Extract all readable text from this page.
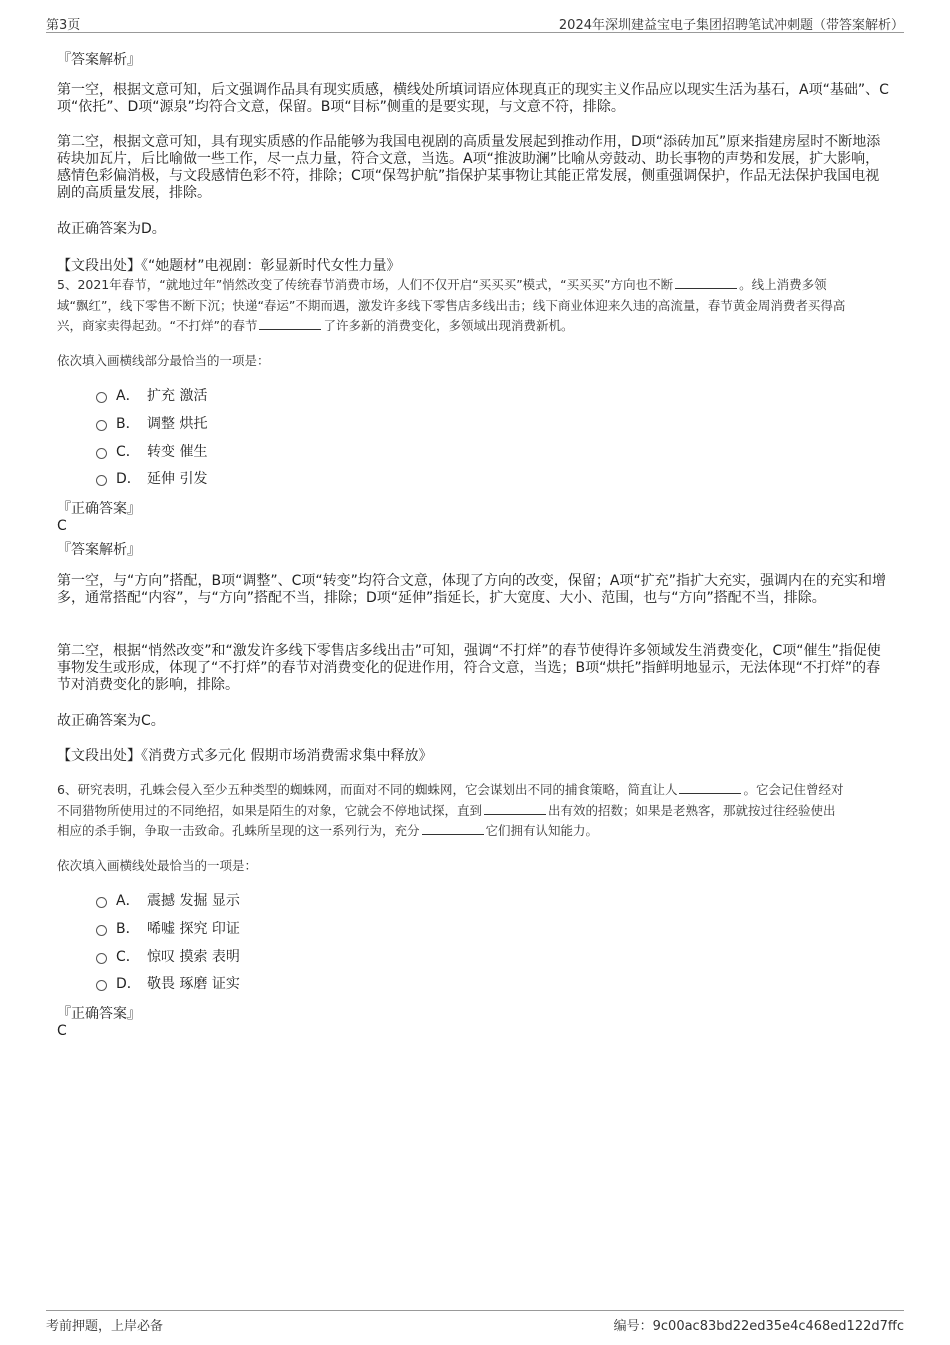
第3页	2024年深圳建益宝电子集团招聘笔试冲刺题（带答案解析）
『答案解析』

第一空，根据文意可知，后文强调作品具有现实质感，横线处所填词语应体现真正的现实主义作品应以现实生活为基石，A项“基础”、C项“依托”、D项“源泉”均符合文意，保留。B项“目标”侧重的是要实现，与文意不符，排除。

第二空，根据文意可知，具有现实质感的作品能够为我国电视剧的高质量发展起到推动作用，D项“添砖加瓦”原来指建房屋时不断地添砖块加瓦片，后比喻做一些工作，尽一点力量，符合文意，当选。A项“推波助澜”比喻从旁鼓动、助长事物的声势和发展，扩大影响，感情色彩偏消极，与文段感情色彩不符，排除；C项“保驾护航”指保护某事物让其能正常发展，侧重强调保护，作品无法保护我国电视剧的高质量发展，排除。

故正确答案为D。
【文段出处】《“她题材”电视剧：彰显新时代女性力量》
5、2021年春节，“就地过年”悄然改变了传统春节消费市场，人们不仅开启“买买买”模式，“买买买”方向也不断	。线上消费多领
域“飘红”，线下零售不断下沉；快递“春运”不期而遇，激发许多线下零售店多线出击；线下商业体迎来久违的高流量，春节黄金周消费者买得高
兴，商家卖得起劲。“不打烊”的春节	了许多新的消费变化，多领域出现消费新机。
依次填入画横线部分最恰当的一项是：
A． 扩充 激活
B． 调整 烘托
C． 转变 催生
D． 延伸 引发
『正确答案』
C
『答案解析』

第一空，与“方向”搭配，B项“调整”、C项“转变”均符合文意，体现了方向的改变，保留；A项“扩充”指扩大充实，强调内在的充实和增多，通常搭配“内容”，与“方向”搭配不当，排除；D项“延伸”指延长，扩大宽度、大小、范围，也与“方向”搭配不当，排除。

第二空，根据“悄然改变”和“激发许多线下零售店多线出击”可知，强调“不打烊”的春节使得许多领域发生消费变化，C项“催生”指促使事物发生或形成，体现了“不打烊”的春节对消费变化的促进作用，符合文意，当选；B项“烘托”指鲜明地显示，无法体现“不打烊”的春节对消费变化的影响，排除。

故正确答案为C。
【文段出处】《消费方式多元化 假期市场消费需求集中释放》
6、研究表明，孔蛛会侵入至少五种类型的蜘蛛网，而面对不同的蜘蛛网，它会谋划出不同的捕食策略，简直让人	。它会记住曾经对
不同猎物所使用过的不同绝招，如果是陌生的对象，它就会不停地试探，直到	出有效的招数；如果是老熟客，那就按过往经验使出
相应的杀手锏，争取一击致命。孔蛛所呈现的这一系列行为，充分	它们拥有认知能力。
依次填入画横线处最恰当的一项是：
A． 震撼 发掘 显示
B． 唏嘘 探究 印证
C． 惊叹 摸索 表明
D． 敬畏 琢磨 证实
『正确答案』
C
考前押题，上岸必备	编号：9c00ac83bd22ed35e4c468ed122d7ffc
